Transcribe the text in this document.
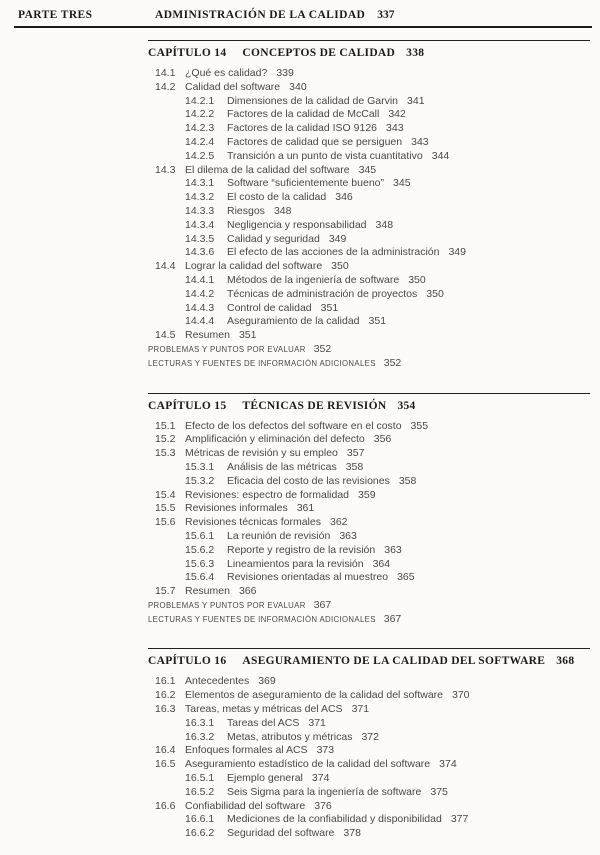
PARTE TRES	ADMINISTRACIÓN DE LA CALIDAD 337
CAPÍTULO 14 CONCEPTOS DE CALIDAD 338
14.1 ¿Qué es calidad? 339
14.2 Calidad del software 340
14.2.1	Dimensiones de la calidad de Garvin 341
14.2.2	Factores de la calidad de McCall 342
14.2.3	Factores de la calidad ISO 9126 343
14.2.4	Factores de calidad que se persiguen 343
14.2.5	Transición a un punto de vista cuantitativo 344
14.3 El dilema de la calidad del software 345
14.3.1	Software “suficientemente bueno” 345
14.3.2	El costo de la calidad 346
14.3.3	Riesgos 348
14.3.4	Negligencia y responsabilidad 348
14.3.5	Calidad y seguridad 349
14.3.6	El efecto de las acciones de la administración 349
14.4 Lograr la calidad del software 350
14.4.1	Métodos de la ingeniería de software 350
14.4.2	Técnicas de administración de proyectos 350
14.4.3	Control de calidad 351
14.4.4	Aseguramiento de la calidad 351
14.5 Resumen 351
PROBLEMAS Y PUNTOS POR EVALUAR 352
LECTURAS Y FUENTES DE INFORMACIÓN ADICIONALES 352
CAPÍTULO 15 TÉCNICAS DE REVISIÓN 354
15.1 Efecto de los defectos del software en el costo 355
15.2 Amplificación y eliminación del defecto 356
15.3 Métricas de revisión y su empleo 357
15.3.1	Análisis de las métricas 358
15.3.2	Eficacia del costo de las revisiones 358
15.4 Revisiones: espectro de formalidad 359
15.5 Revisiones informales 361
15.6 Revisiones técnicas formales 362
15.6.1	La reunión de revisión 363
15.6.2	Reporte y registro de la revisión 363
15.6.3	Lineamientos para la revisión 364
15.6.4	Revisiones orientadas al muestreo 365
15.7 Resumen 366
PROBLEMAS Y PUNTOS POR EVALUAR 367
LECTURAS Y FUENTES DE INFORMACIÓN ADICIONALES 367
CAPÍTULO 16 ASEGURAMIENTO DE LA CALIDAD DEL SOFTWARE 368
16.1 Antecedentes 369
16.2 Elementos de aseguramiento de la calidad del software 370
16.3 Tareas, metas y métricas del ACS 371
16.3.1	Tareas del ACS 371
16.3.2	Metas, atributos y métricas 372
16.4 Enfoques formales al ACS 373
16.5 Aseguramiento estadístico de la calidad del software 374
16.5.1	Ejemplo general 374
16.5.2	Seis Sigma para la ingeniería de software 375
16.6 Confiabilidad del software 376
16.6.1	Mediciones de la confiabilidad y disponibilidad 377
16.6.2	Seguridad del software 378
